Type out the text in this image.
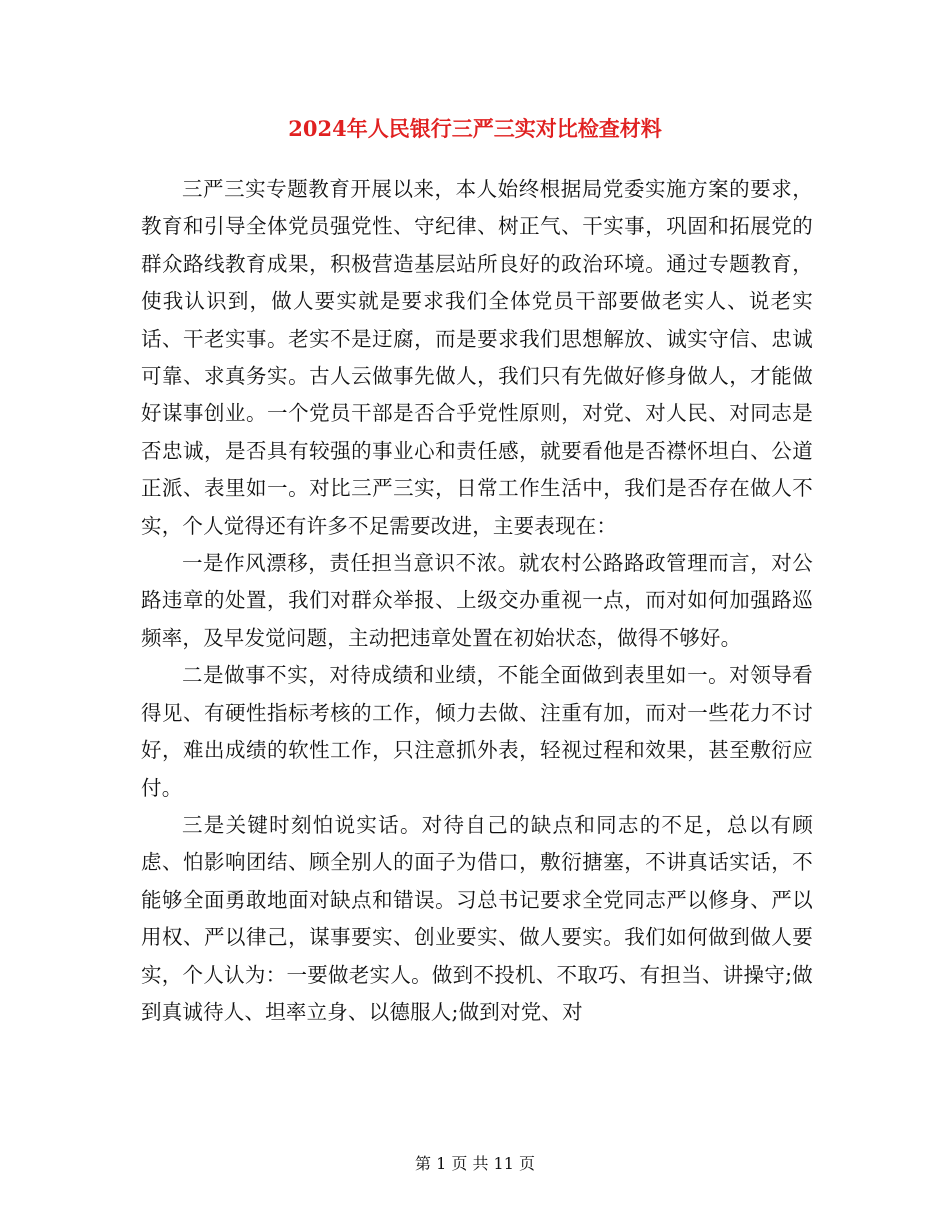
2024年人民银行三严三实对比检查材料

三严三实专题教育开展以来，本人始终根据局党委实施方案的要求，教育和引导全体党员强党性、守纪律、树正气、干实事，巩固和拓展党的群众路线教育成果，积极营造基层站所良好的政治环境。通过专题教育，使我认识到，做人要实就是要求我们全体党员干部要做老实人、说老实话、干老实事。老实不是迂腐，而是要求我们思想解放、诚实守信、忠诚可靠、求真务实。古人云做事先做人，我们只有先做好修身做人，才能做好谋事创业。一个党员干部是否合乎党性原则，对党、对人民、对同志是否忠诚，是否具有较强的事业心和责任感，就要看他是否襟怀坦白、公道正派、表里如一。对比三严三实，日常工作生活中，我们是否存在做人不实，个人觉得还有许多不足需要改进，主要表现在：

一是作风漂移，责任担当意识不浓。就农村公路路政管理而言，对公路违章的处置，我们对群众举报、上级交办重视一点，而对如何加强路巡频率，及早发觉问题，主动把违章处置在初始状态，做得不够好。

二是做事不实，对待成绩和业绩，不能全面做到表里如一。对领导看得见、有硬性指标考核的工作，倾力去做、注重有加，而对一些花力不讨好，难出成绩的软性工作，只注意抓外表，轻视过程和效果，甚至敷衍应付。

三是关键时刻怕说实话。对待自己的缺点和同志的不足，总以有顾虑、怕影响团结、顾全别人的面子为借口，敷衍搪塞，不讲真话实话，不能够全面勇敢地面对缺点和错误。习总书记要求全党同志严以修身、严以用权、严以律己，谋事要实、创业要实、做人要实。我们如何做到做人要实，个人认为：一要做老实人。做到不投机、不取巧、有担当、讲操守;做到真诚待人、坦率立身、以德服人;做到对党、对

第 1 页 共 11 页
